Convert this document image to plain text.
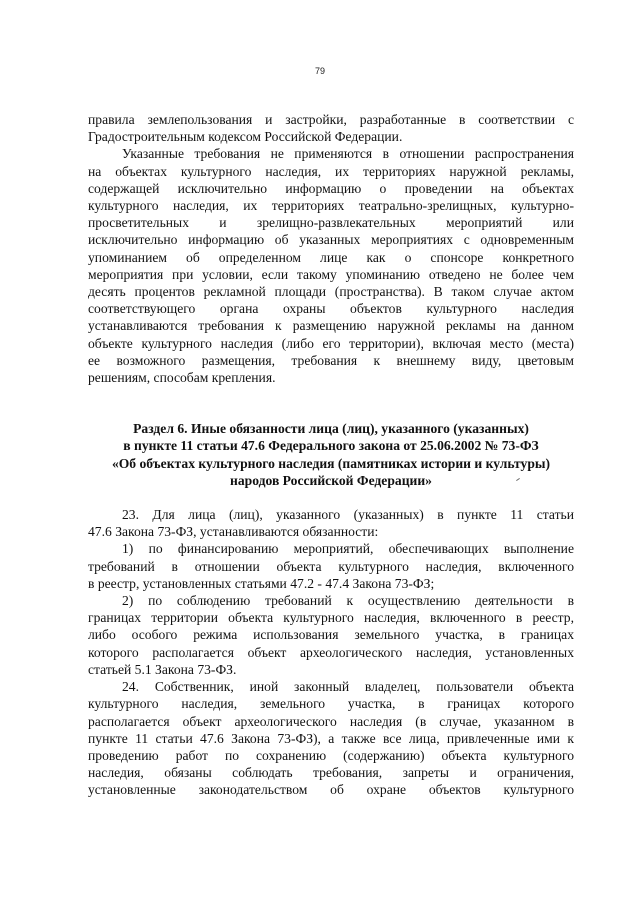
79
правила землепользования и застройки, разработанные в соответствии с
Градостроительным кодексом Российской Федерации.
Указанные требования не применяются в отношении распространения
на объектах культурного наследия, их территориях наружной рекламы,
содержащей исключительно информацию о проведении на объектах
культурного наследия, их территориях театрально-зрелищных, культурно-
просветительных и зрелищно-развлекательных мероприятий или
исключительно информацию об указанных мероприятиях с одновременным
упоминанием об определенном лице как о спонсоре конкретного
мероприятия при условии, если такому упоминанию отведено не более чем
десять процентов рекламной площади (пространства). В таком случае актом
соответствующего органа охраны объектов культурного наследия
устанавливаются требования к размещению наружной рекламы на данном
объекте культурного наследия (либо его территории), включая место (места)
ее возможного размещения, требования к внешнему виду, цветовым
решениям, способам крепления.
Раздел 6. Иные обязанности лица (лиц), указанного (указанных)
в пункте 11 статьи 47.6 Федерального закона от 25.06.2002 № 73-ФЗ
«Об объектах культурного наследия (памятниках истории и культуры)
народов Российской Федерации»
23. Для лица (лиц), указанного (указанных) в пункте 11 статьи
47.6 Закона 73-ФЗ, устанавливаются обязанности:
1) по финансированию мероприятий, обеспечивающих выполнение
требований в отношении объекта культурного наследия, включенного
в реестр, установленных статьями 47.2 - 47.4 Закона 73-ФЗ;
2) по соблюдению требований к осуществлению деятельности в
границах территории объекта культурного наследия, включенного в реестр,
либо особого режима использования земельного участка, в границах
которого располагается объект археологического наследия, установленных
статьей 5.1 Закона 73-ФЗ.
24. Собственник, иной законный владелец, пользователи объекта
культурного наследия, земельного участка, в границах которого
располагается объект археологического наследия (в случае, указанном в
пункте 11 статьи 47.6 Закона 73-ФЗ), а также все лица, привлеченные ими к
проведению работ по сохранению (содержанию) объекта культурного
наследия, обязаны соблюдать требования, запреты и ограничения,
установленные законодательством об охране объектов культурного
